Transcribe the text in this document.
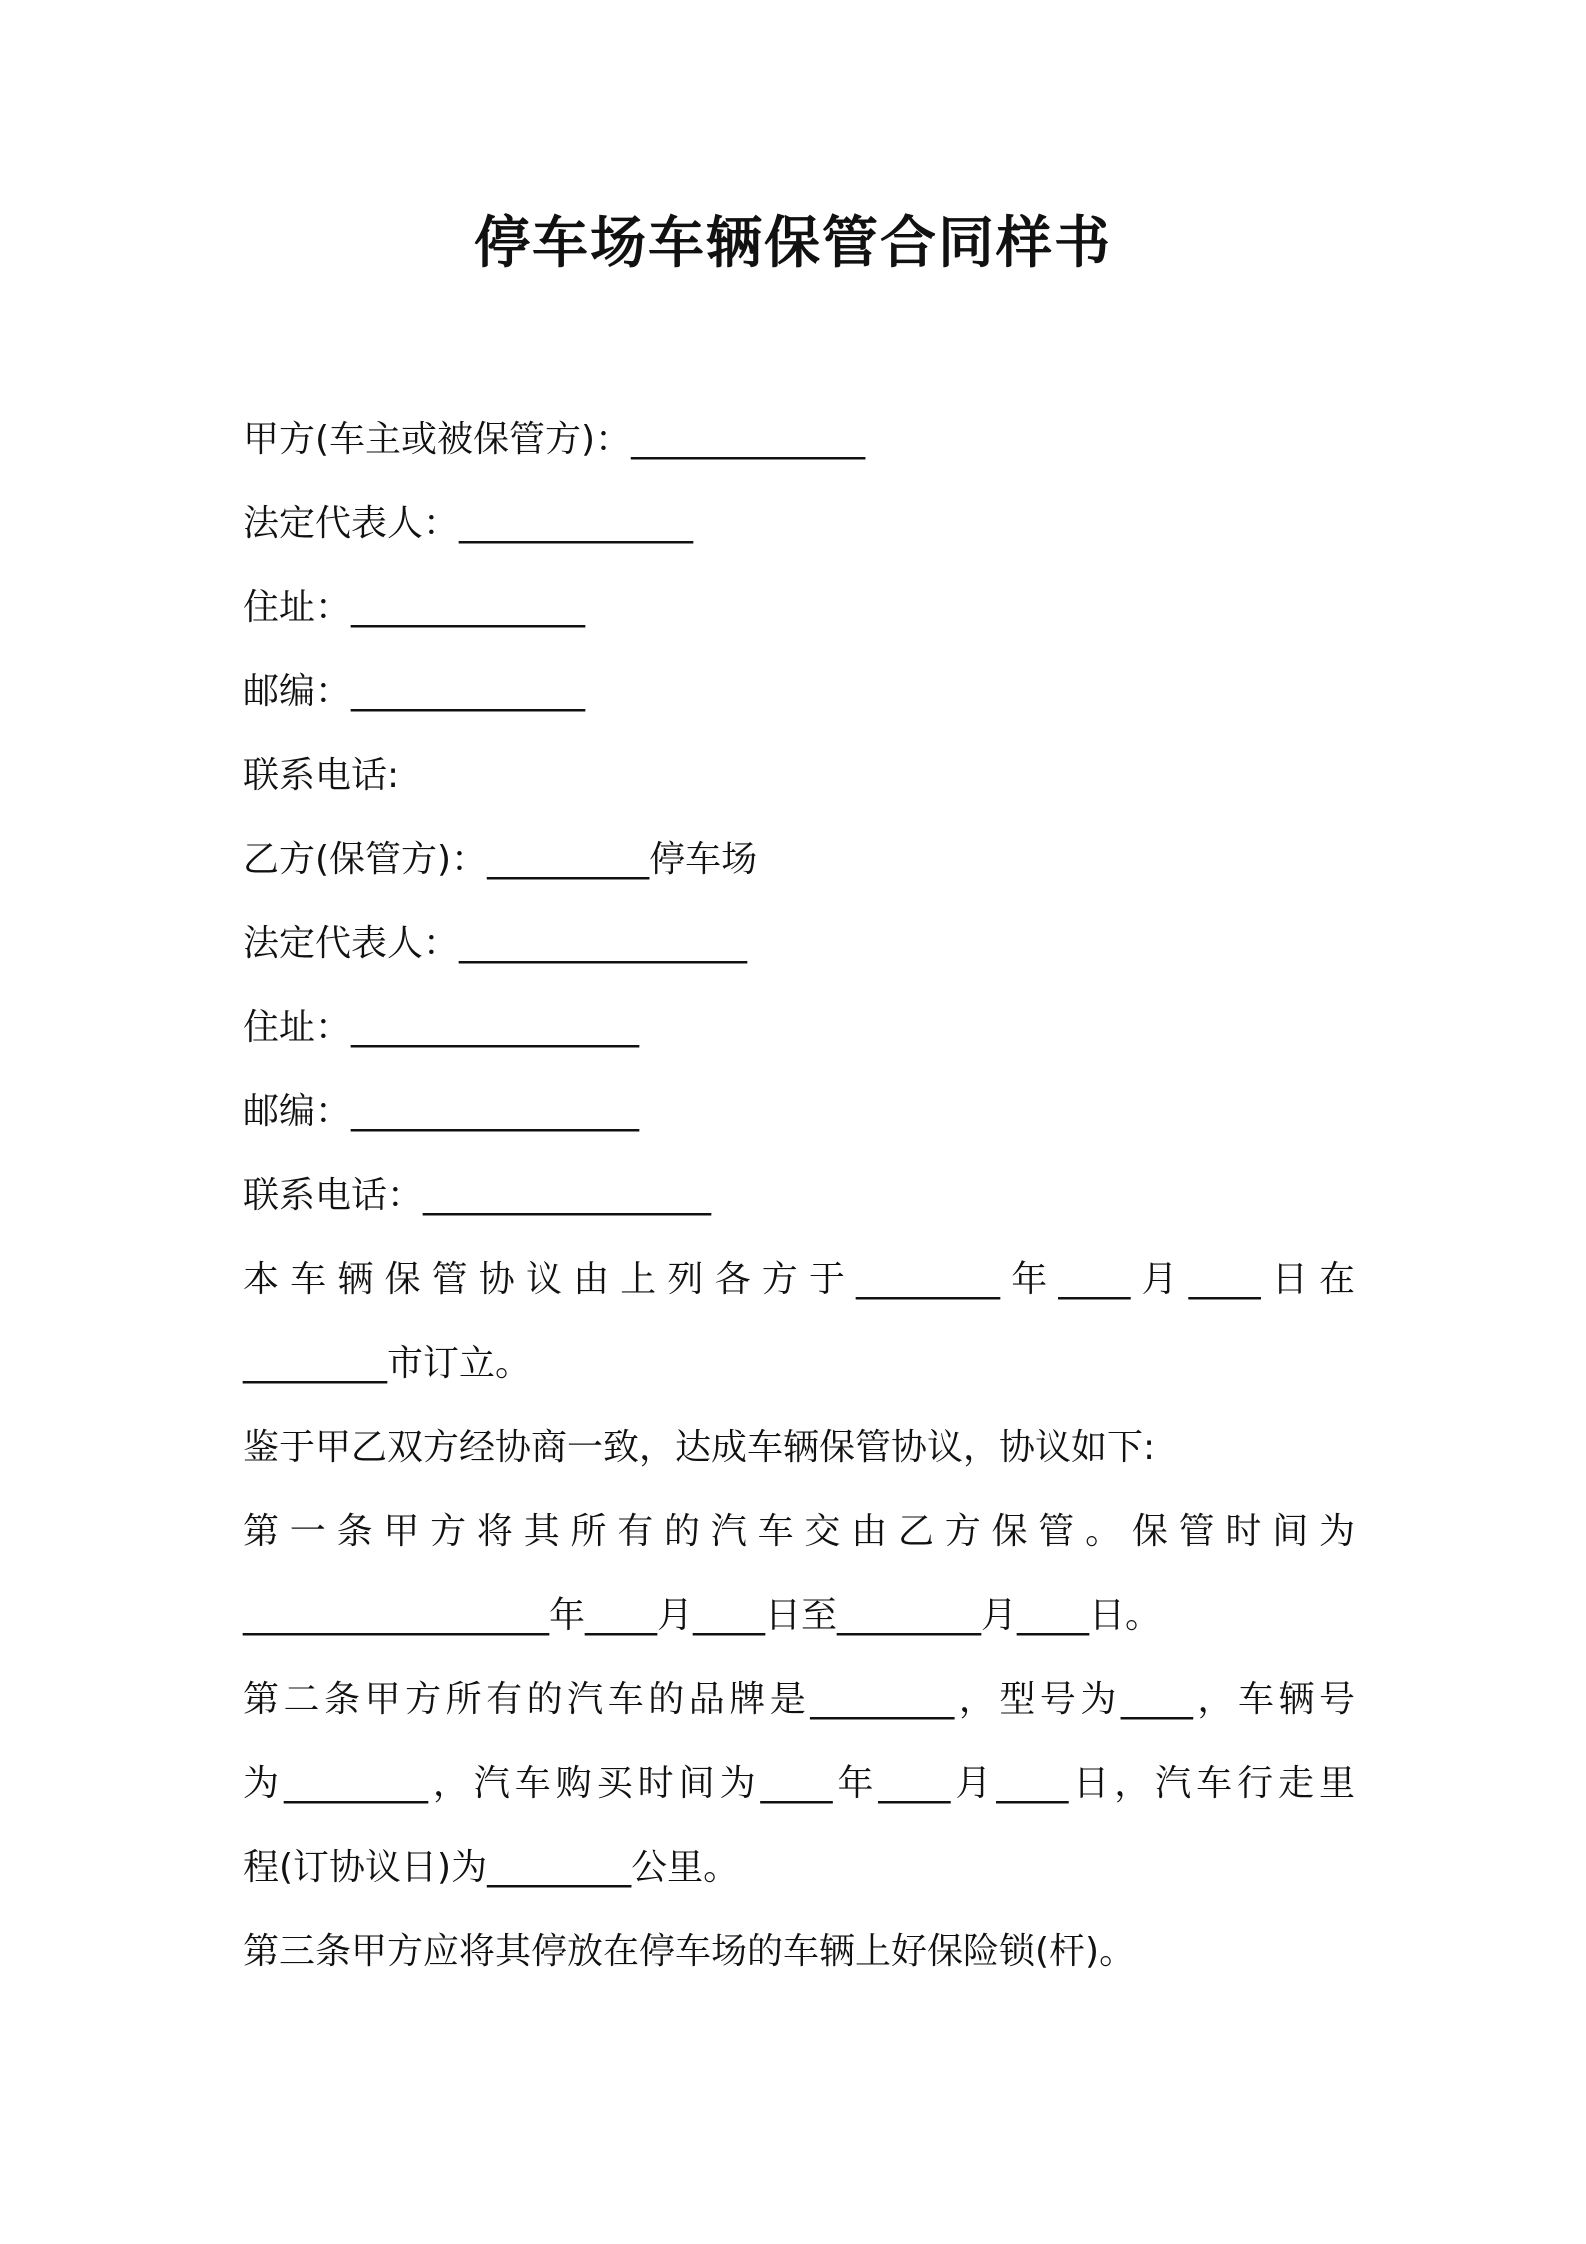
停车场车辆保管合同样书
甲方(车主或被保管方)：_____________
法定代表人：_____________
住址：_____________
邮编：_____________
联系电话:
乙方(保管方)：_________停车场
法定代表人：________________
住址：________________
邮编：________________
联系电话：________________
本车辆保管协议由上列各方于________年____月____日在
________市订立。
鉴于甲乙双方经协商一致，达成车辆保管协议，协议如下:
第一条甲方将其所有的汽车交由乙方保管。保管时间为
_________________年____月____日至________月____日。
第二条甲方所有的汽车的品牌是________，型号为____，车辆号
为________，汽车购买时间为____年____月____日，汽车行走里
程(订协议日)为________公里。
第三条甲方应将其停放在停车场的车辆上好保险锁(杆)。
